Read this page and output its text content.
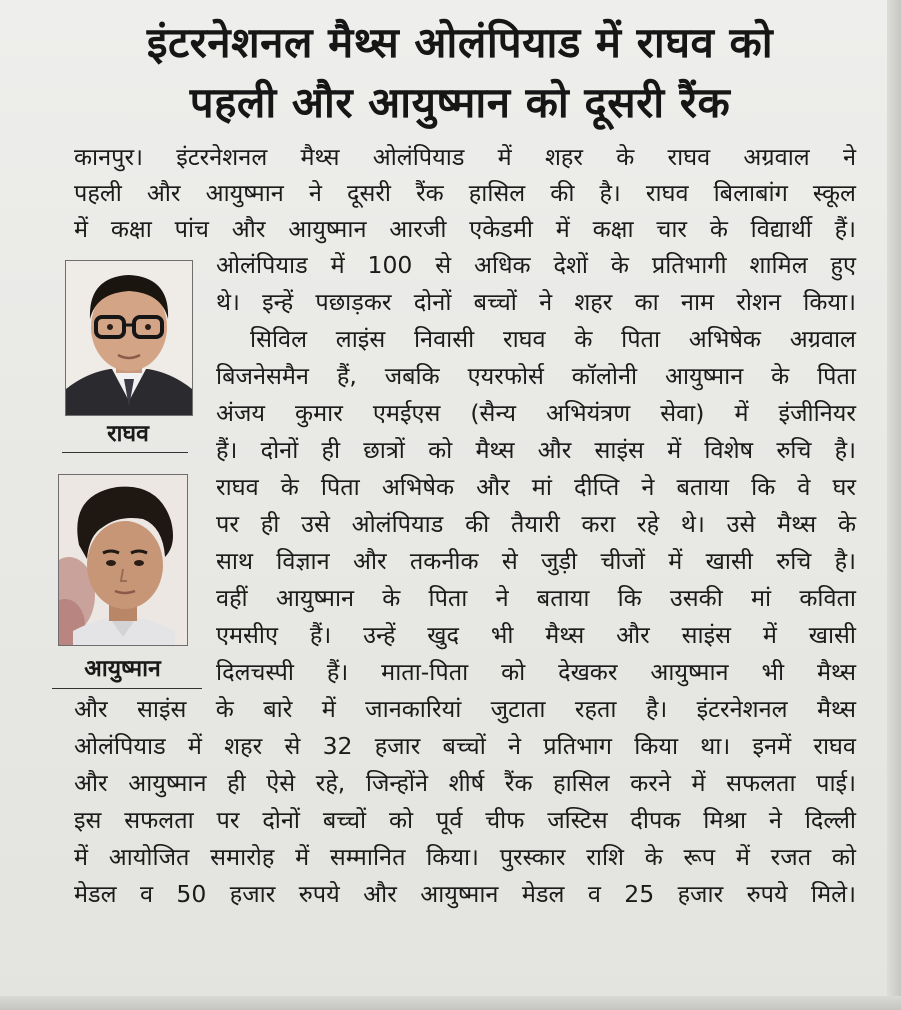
इंटरनेशनल मैथ्स ओलंपियाड में राघव को
पहली और आयुष्मान को दूसरी रैंक
कानपुर। इंटरनेशनल मैथ्स ओलंपियाड में शहर के राघव अग्रवाल ने
पहली और आयुष्मान ने दूसरी रैंक हासिल की है। राघव बिलाबांग स्कूल
में कक्षा पांच और आयुष्मान आरजी एकेडमी में कक्षा चार के विद्यार्थी हैं।
ओलंपियाड में 100 से अधिक देशों के प्रतिभागी शामिल हुए
थे। इन्हें पछाड़कर दोनों बच्चों ने शहर का नाम रोशन किया।
सिविल लाइंस निवासी राघव के पिता अभिषेक अग्रवाल
बिजनेसमैन हैं, जबकि एयरफोर्स कॉलोनी आयुष्मान के पिता
अंजय कुमार एमईएस (सैन्य अभियंत्रण सेवा) में इंजीनियर
हैं। दोनों ही छात्रों को मैथ्स और साइंस में विशेष रुचि है।
राघव के पिता अभिषेक और मां दीप्ति ने बताया कि वे घर
पर ही उसे ओलंपियाड की तैयारी करा रहे थे। उसे मैथ्स के
साथ विज्ञान और तकनीक से जुड़ी चीजों में खासी रुचि है।
वहीं आयुष्मान के पिता ने बताया कि उसकी मां कविता
एमसीए हैं। उन्हें खुद भी मैथ्स और साइंस में खासी
दिलचस्पी हैं। माता-पिता को देखकर आयुष्मान भी मैथ्स
और साइंस के बारे में जानकारियां जुटाता रहता है। इंटरनेशनल मैथ्स
ओलंपियाड में शहर से 32 हजार बच्चों ने प्रतिभाग किया था। इनमें राघव
और आयुष्मान ही ऐसे रहे, जिन्होंने शीर्ष रैंक हासिल करने में सफलता पाई।
इस सफलता पर दोनों बच्चों को पूर्व चीफ जस्टिस दीपक मिश्रा ने दिल्ली
में आयोजित समारोह में सम्मानित किया। पुरस्कार राशि के रूप में रजत को
मेडल व 50 हजार रुपये और आयुष्मान मेडल व 25 हजार रुपये मिले।
राघव
आयुष्मान
